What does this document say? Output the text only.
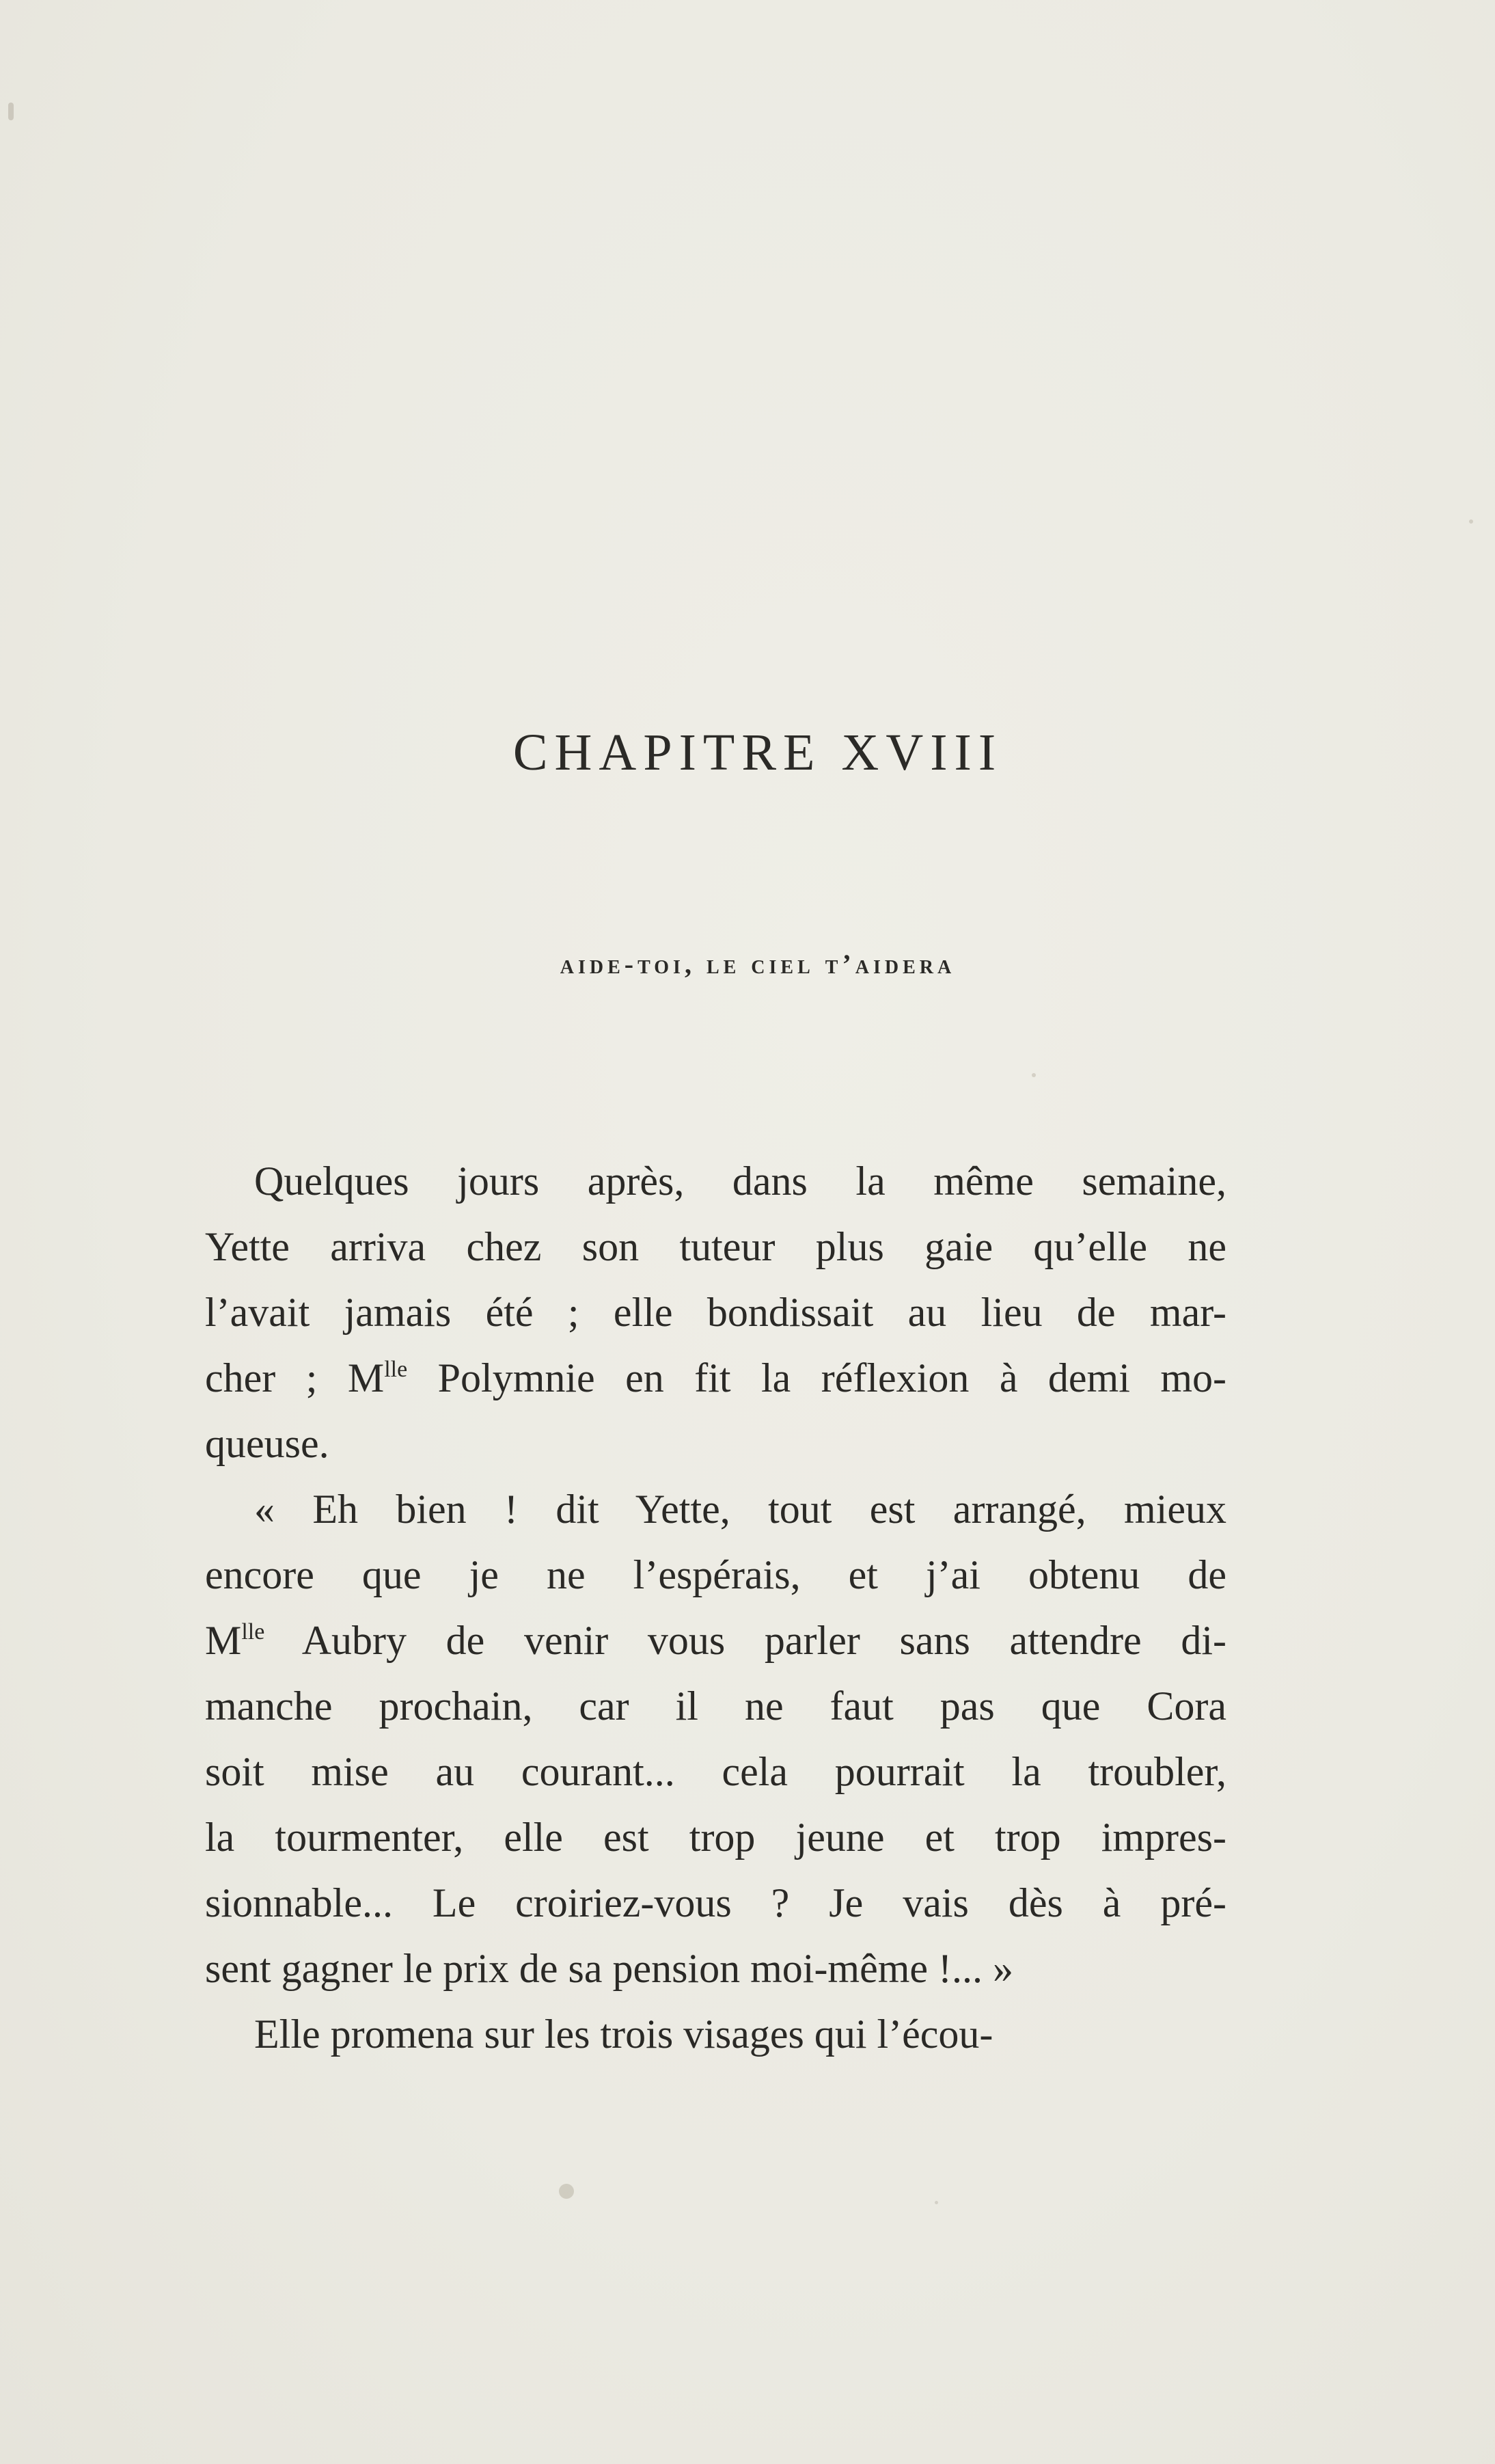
CHAPITRE XVIII
aide-toi, le ciel t’aidera

Quelques jours après, dans la même semaine,
Yette arriva chez son tuteur plus gaie qu’elle ne
l’avait jamais été ; elle bondissait au lieu de mar-
cher ; $M^{lle}$ Polymnie en fit la réflexion à demi mo-
queuse.

« Eh bien ! dit Yette, tout est arrangé, mieux
encore que je ne l’espérais, et j’ai obtenu de
$M^{lle}$ Aubry de venir vous parler sans attendre di-
manche prochain, car il ne faut pas que Cora
soit mise au courant... cela pourrait la troubler,
la tourmenter, elle est trop jeune et trop impres-
sionnable... Le croiriez-vous ? Je vais dès à pré-
sent gagner le prix de sa pension moi-même !... »

Elle promena sur les trois visages qui l’écou-
